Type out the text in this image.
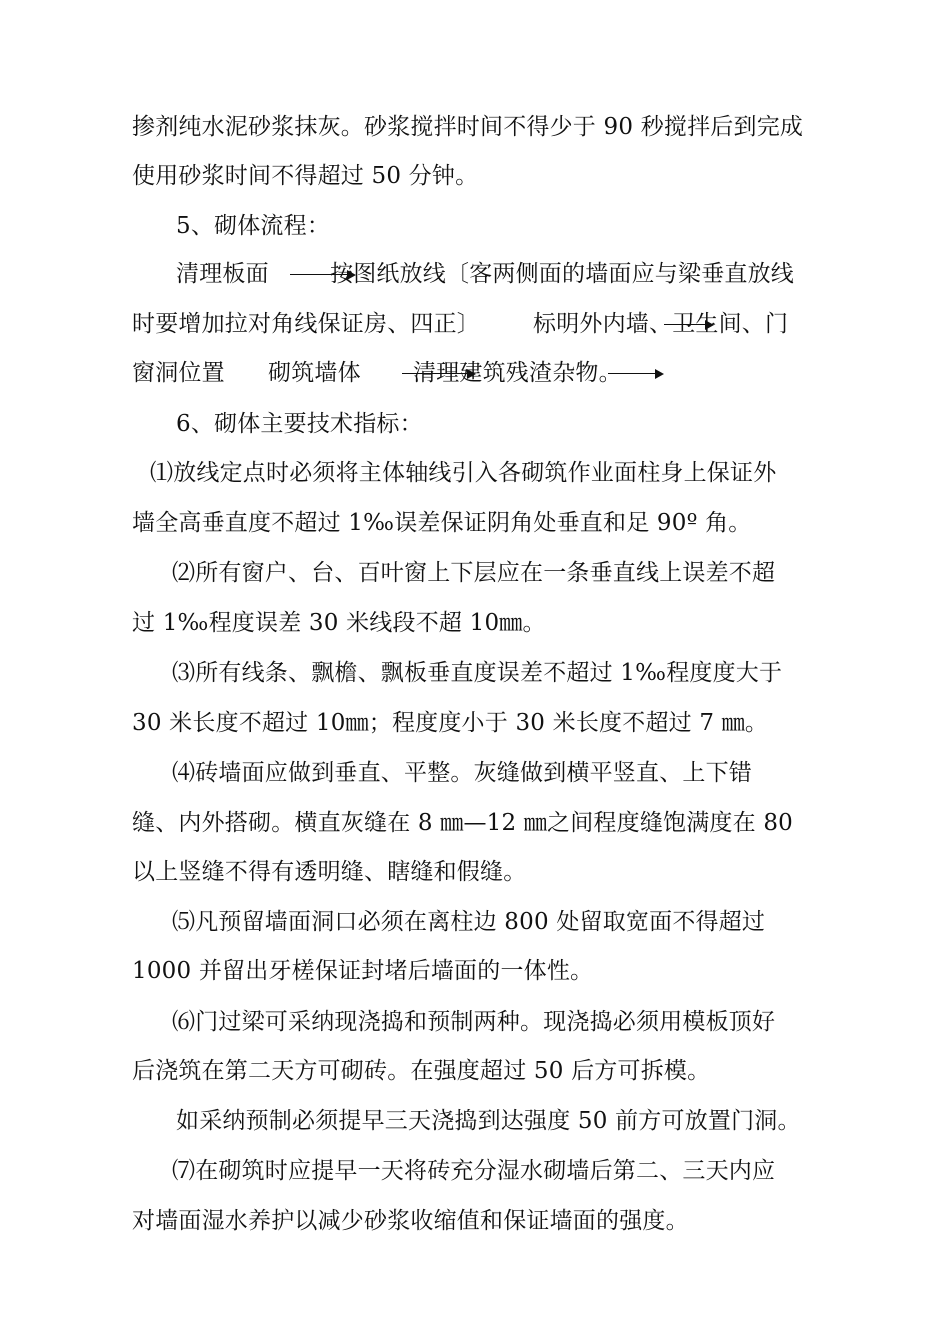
掺剂纯水泥砂浆抹灰。砂浆搅拌时间不得少于 90 秒搅拌后到完成
使用砂浆时间不得超过 50 分钟。
5、砌体流程：
清理板面	按图纸放线〔客两侧面的墙面应与梁垂直放线
时要增加拉对角线保证房、四正〕 标明外内墙、卫生间、门
窗洞位置 砌筑墙体 清理建筑残渣杂物。
6、砌体主要技术指标：
⑴放线定点时必须将主体轴线引入各砌筑作业面柱身上保证外
墙全高垂直度不超过 1‰误差保证阴角处垂直和足 90º 角。
⑵所有窗户、台、百叶窗上下层应在一条垂直线上误差不超
过 1‰程度误差 30 米线段不超 10㎜。
⑶所有线条、飘檐、飘板垂直度误差不超过 1‰程度度大于
30 米长度不超过 10㎜；程度度小于 30 米长度不超过 7 ㎜。
⑷砖墙面应做到垂直、平整。灰缝做到横平竖直、上下错
缝、内外搭砌。横直灰缝在 8 ㎜—12 ㎜之间程度缝饱满度在 80
以上竖缝不得有透明缝、瞎缝和假缝。
⑸凡预留墙面洞口必须在离柱边 800 处留取宽面不得超过
1000 并留出牙槎保证封堵后墙面的一体性。
⑹门过梁可采纳现浇捣和预制两种。现浇捣必须用模板顶好
后浇筑在第二天方可砌砖。在强度超过 50 后方可拆模。
如采纳预制必须提早三天浇捣到达强度 50 前方可放置门洞。
⑺在砌筑时应提早一天将砖充分湿水砌墙后第二、三天内应
对墙面湿水养护以减少砂浆收缩值和保证墙面的强度。
